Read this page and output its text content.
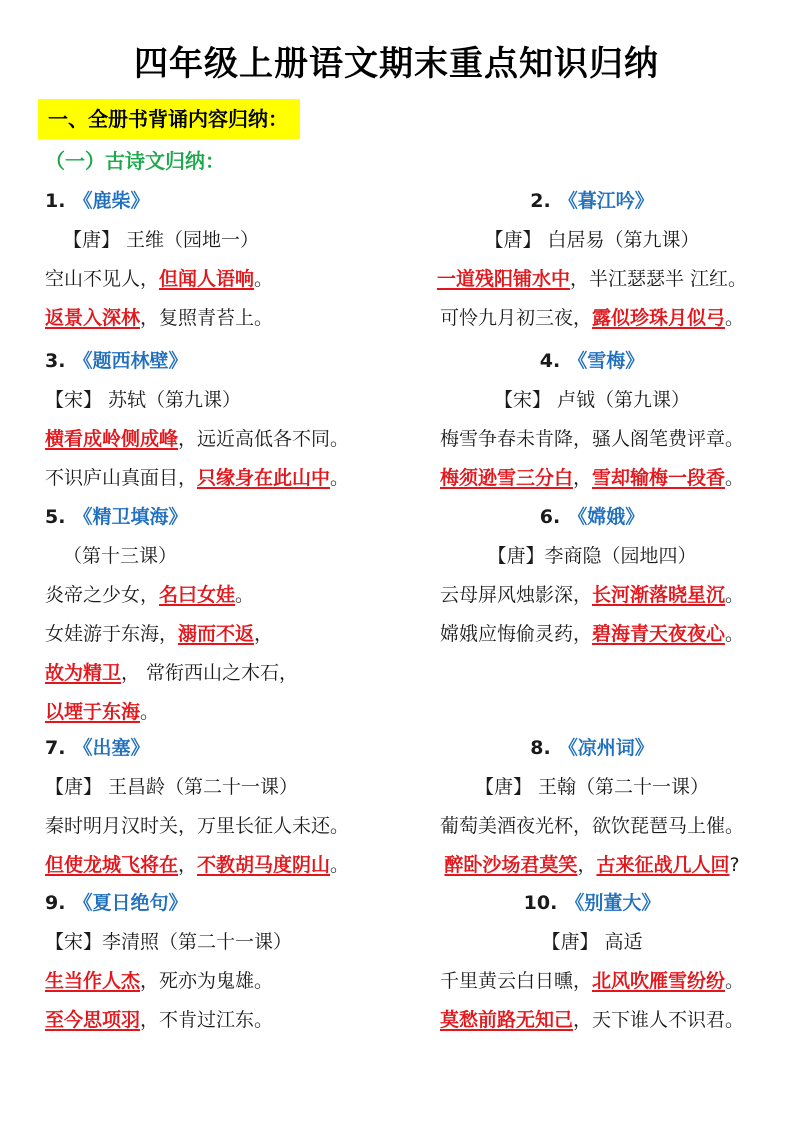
四年级上册语文期末重点知识归纳
一、全册书背诵内容归纳：
（一）古诗文归纳：
1. 《鹿柴》
【唐】 王维（园地一）
空山不见人，但闻人语响。
返景入深林，复照青苔上。
2. 《暮江吟》
【唐】 白居易（第九课）
一道残阳铺水中，半江瑟瑟半 江红。
可怜九月初三夜，露似珍珠月似弓。
3. 《题西林壁》
【宋】 苏轼（第九课）
横看成岭侧成峰，远近高低各不同。
不识庐山真面目，只缘身在此山中。
4. 《雪梅》
【宋】 卢钺（第九课）
梅雪争春未肯降，骚人阁笔费评章。
梅须逊雪三分白，雪却输梅一段香。
5. 《精卫填海》
（第十三课）
炎帝之少女，名曰女娃。
女娃游于东海，溺而不返，
故为精卫， 常衔西山之木石，
以堙于东海。
6. 《嫦娥》
【唐】李商隐（园地四）
云母屏风烛影深，长河渐落晓星沉。
嫦娥应悔偷灵药，碧海青天夜夜心。
7. 《出塞》
【唐】 王昌龄（第二十一课）
秦时明月汉时关，万里长征人未还。
但使龙城飞将在，不教胡马度阴山。
8. 《凉州词》
【唐】 王翰（第二十一课）
葡萄美酒夜光杯，欲饮琵琶马上催。
醉卧沙场君莫笑，古来征战几人回?
9. 《夏日绝句》
【宋】李清照（第二十一课）
生当作人杰，死亦为鬼雄。
至今思项羽，不肯过江东。
10. 《别董大》
【唐】 高适
千里黄云白日曛，北风吹雁雪纷纷。
莫愁前路无知己，天下谁人不识君。
